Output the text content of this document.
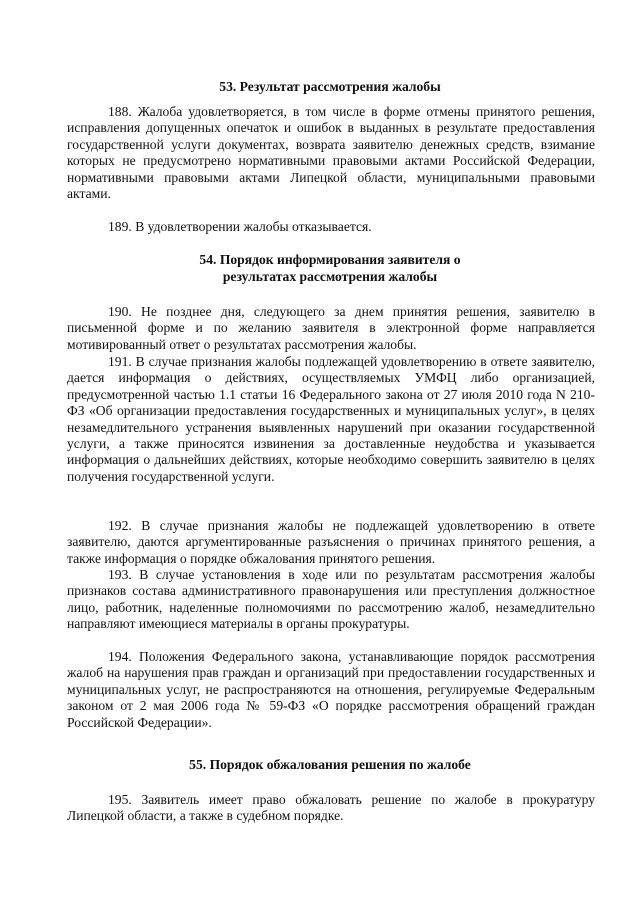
53. Результат рассмотрения жалобы

188. Жалоба удовлетворяется, в том числе в форме отмены принятого решения, исправления допущенных опечаток и ошибок в выданных в результате предоставления государственной услуги документах, возврата заявителю денежных средств, взимание которых не предусмотрено нормативными правовыми актами Российской Федерации, нормативными правовыми актами Липецкой области, муниципальными правовыми актами.

189. В удовлетворении жалобы отказывается.

54. Порядок информирования заявителя о

результатах рассмотрения жалобы

190. Не позднее дня, следующего за днем принятия решения, заявителю в письменной форме и по желанию заявителя в электронной форме направляется мотивированный ответ о результатах рассмотрения жалобы.

191. В случае признания жалобы подлежащей удовлетворению в ответе заявителю, дается информация о действиях, осуществляемых УМФЦ либо организацией, предусмотренной частью 1.1 статьи 16 Федерального закона от 27 июля 2010 года N 210-ФЗ «Об организации предоставления государственных и муниципальных услуг», в целях незамедлительного устранения выявленных нарушений при оказании государственной услуги, а также приносятся извинения за доставленные неудобства и указывается информация о дальнейших действиях, которые необходимо совершить заявителю в целях получения государственной услуги.

192. В случае признания жалобы не подлежащей удовлетворению в ответе заявителю, даются аргументированные разъяснения о причинах принятого решения, а также информация о порядке обжалования принятого решения.

193. В случае установления в ходе или по результатам рассмотрения жалобы признаков состава административного правонарушения или преступления должностное лицо, работник, наделенные полномочиями по рассмотрению жалоб, незамедлительно направляют имеющиеся материалы в органы прокуратуры.

194. Положения Федерального закона, устанавливающие порядок рассмотрения жалоб на нарушения прав граждан и организаций при предоставлении государственных и муниципальных услуг, не распространяются на отношения, регулируемые Федеральным законом от 2 мая 2006 года № 59-ФЗ «О порядке рассмотрения обращений граждан Российской Федерации».

55. Порядок обжалования решения по жалобе

195. Заявитель имеет право обжаловать решение по жалобе в прокуратуру Липецкой области, а также в судебном порядке.
